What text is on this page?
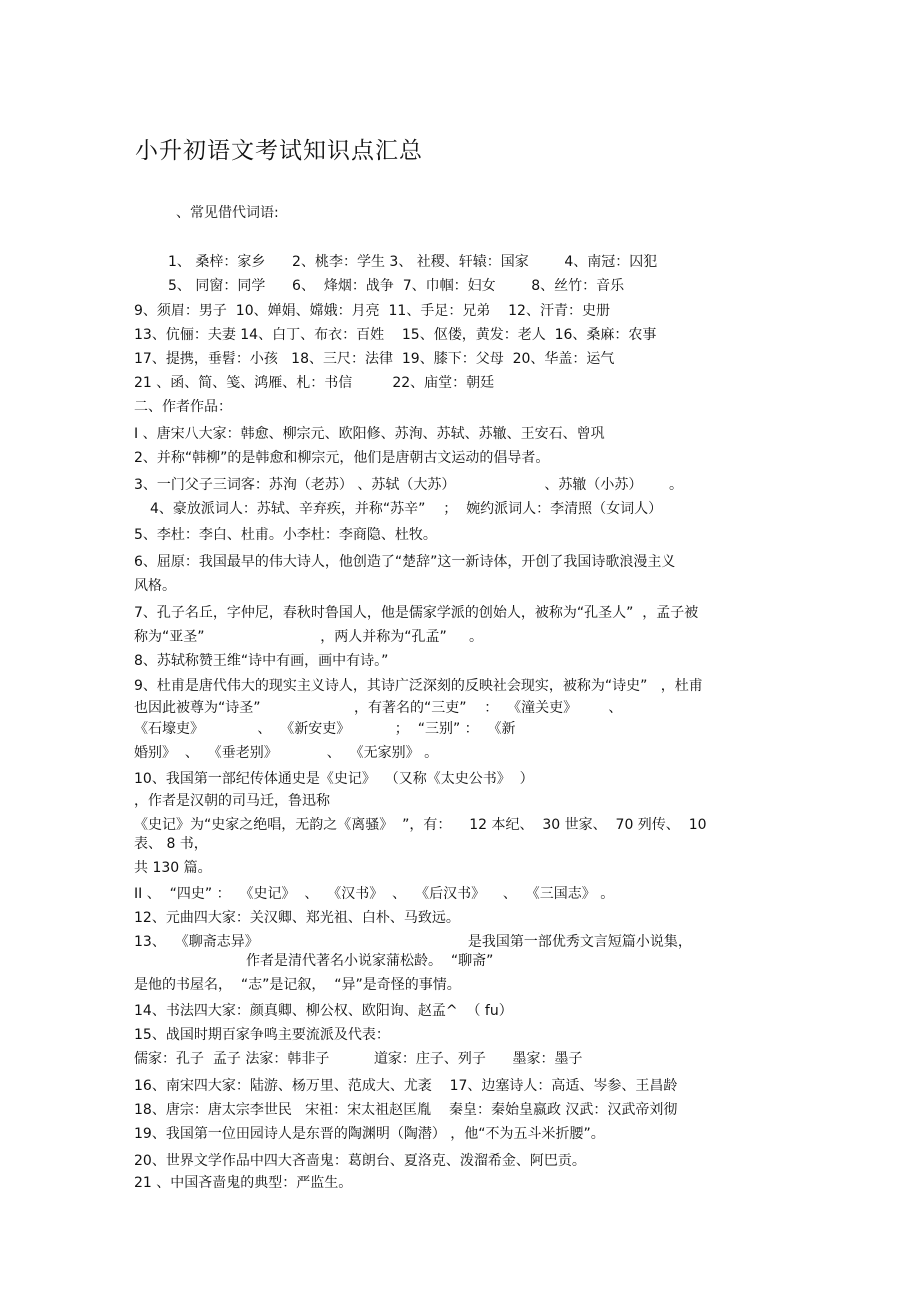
小升初语文考试知识点汇总
、常见借代词语:
1、 桑梓：家乡      2、桃李：学生 3、 社稷、轩辕：国家        4、南冠：囚犯
5、 同窗：同学      6、  烽烟：战争  7、巾帼：妇女        8、丝竹：音乐
9、须眉：男子  10、婵娟、嫦娥：月亮  11、手足：兄弟    12、汗青：史册
13、伉俪：夫妻 14、白丁、布衣：百姓    15、伛偻，黄发：老人  16、桑麻：农事
17、提携，垂髫：小孩   18、三尺：法律  19、膝下：父母  20、华盖：运气
21 、函、简、笺、鸿雁、札：书信         22、庙堂：朝廷
二、作者作品：
I 、唐宋八大家：韩愈、柳宗元、欧阳修、苏洵、苏轼、苏辙、王安石、曾巩
2、并称“韩柳”的是韩愈和柳宗元，他们是唐朝古文运动的倡导者。
3、一门父子三词客：苏洵（老苏） 、苏轼（大苏）                    、苏辙（小苏）      。
4、豪放派词人：苏轼、辛弃疾，并称“苏辛”    ；  婉约派词人：李清照（女词人）
5、李杜：李白、杜甫。小李杜：李商隐、杜牧。
6、屈原：我国最早的伟大诗人，他创造了“楚辞”这一新诗体，开创了我国诗歌浪漫主义
风格。
7、孔子名丘，字仲尼，春秋时鲁国人，他是儒家学派的创始人，被称为“孔圣人”  ，孟子被
称为“亚圣”                          ，两人并称为“孔孟”     。
8、苏轼称赞王维“诗中有画，画中有诗。”
9、杜甫是唐代伟大的现实主义诗人，其诗广泛深刻的反映社会现实，被称为“诗史”   ，杜甫
也因此被尊为“诗圣”                     ，有著名的“三吏”    ：  《潼关吏》       、
《石壕吏》            、  《新安吏》          ；  “三别” ：  《新
婚别》  、  《垂老别》           、  《无家别》 。
10、我国第一部纪传体通史是《史记》  （又称《太史公书》  ）
，作者是汉朝的司马迁，鲁迅称
《史记》为“史家之绝唱，无韵之《离骚》  ”，有：    12 本纪、  30 世家、  70 列传、  10
表、 8 书，
共 130 篇。
II 、  “四史” ：  《史记》  、  《汉书》  、  《后汉书》    、  《三国志》 。
12、元曲四大家：关汉卿、郑光祖、白朴、马致远。
13、  《聊斋志异》                                               是我国第一部优秀文言短篇小说集，
作者是清代著名小说家蒲松龄。  “聊斋”
是他的书屋名，  “志”是记叙，  “异”是奇怪的事情。
14、书法四大家：颜真卿、柳公权、欧阳询、赵孟^  （ fu）
15、战国时期百家争鸣主要流派及代表：
儒家：孔子  孟子 法家：韩非子          道家：庄子、列子      墨家：墨子
16、南宋四大家：陆游、杨万里、范成大、尤袤    17、边塞诗人：高适、岑参、王昌龄
18、唐宗：唐太宗李世民   宋祖：宋太祖赵匡胤    秦皇：秦始皇嬴政 汉武：汉武帝刘彻
19、我国第一位田园诗人是东晋的陶渊明（陶潜） ，他“不为五斗米折腰”。
20、世界文学作品中四大吝啬鬼：葛朗台、夏洛克、泼溜希金、阿巴贡。
21 、中国吝啬鬼的典型：严监生。
